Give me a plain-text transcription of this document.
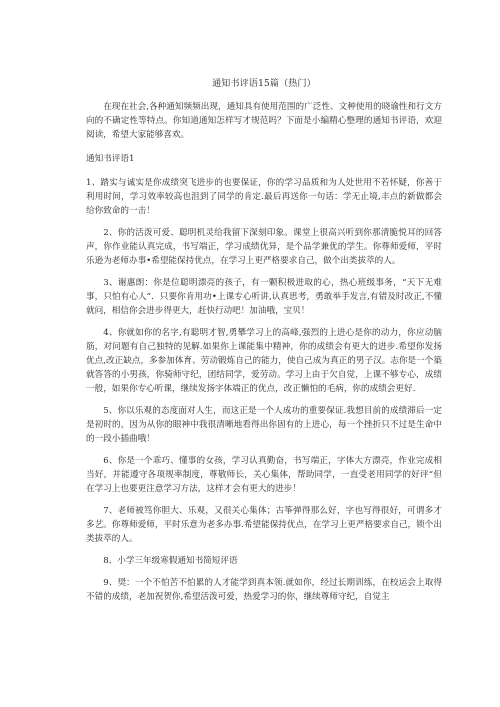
通知书评语15篇（热门）

在现在社会,各种通知频频出现，通知具有使用范围的广泛性、文种使用的晓谕性和行文方向的不确定性等特点。你知道通知怎样写才规范吗？下面是小编精心整理的通知书评语，欢迎阅读，希望大家能够喜欢。

通知书评语1

1、踏实与诚实是你成绩突飞进步的也要保证，你的学习品质和为人处世用不若怀疑，你善于利用时间，学习效率较高也沮到了同学的肯定.最后再送你一句话：学无止境,丰点的新做都会给你致命的一击！

2、你的活泼可爱、聪明机灵给我留下深刻印象。课堂上很高兴听到你那清脆悦耳的回答声，你作业能认真完成，书写端正，学习成绩优异，是个品学兼优的学生。你尊师爱师，平时乐逊为老师办事•希望能保持优点，在学习上更严格要求自己，做个出类拔萃的人。

3、谢惠朗：你是位聪明漂亮的孩子，有一颗积极进取的心，热心班级事务，“天下无难事，只怕有心人”．只要你肯用功•上课专心听讲,认真思考，勇敢举手发言,有错及时改正,不懂就问，相信你会进步得更大，赶快行动吧！加油哦，宝贝！

4、你就如你的名字,有聪明才智,勇攀学习上的高峰,强烈的上进心是你的动力，你应动脑筋，对问题有自己独特的见解.如果你上课能集中精神，你的成绩会有更大的进步.希望你发扬优点,改正缺点，多参加体育、劳动锻炼自己的能力，使自己成为真正的男子汉。志你是一个築就答答的小男孩，你骑师守纪，团结同学，爱劳动。学习上由于欠自觉，上课不够专心，成绩一般，如果你专心听课，继续发扬字体端正的优点，改正懒怕的毛病，你的成绩会更好.

5、你以乐观的态度面对人生，而这正是一个人成功的重要保证.我想目前的成绩滞后一定是初时的，因为从你的眼神中我很清晰地看得出你固有的上进心，每一个挫折只不过是生命中的一段小插曲哦！

6、你是一个乖巧、懂事的女孩，学习认真勤奋，书写端正，字体大方漂亮，作业完成相当好，并能遵守各项规率制度，尊敬师长，关心集体，帮助同学，一直受老用同学的好评“但在学习上也要更注意学习方法，这样才会有更大的进步！

7、老师被笃你胆大、乐观，又很关心集体；古筝弹得那么好，字也写得很好，可谓多才多艺。你尊师爱师，平时乐意为老多办事.希望能保持优点，在学习上更严格要求自己，锁个出类拔萃的人。

8、小学三年级寒假通知书简短评语

9、奨：一个不怕苦不怕累的人才能学到真本领.就如你，经过长期训练，在校运会上取得不错的成绩，老加祝贺你,希望活泼可爱，热爱学习的你，继续尊师守纪，自觉主
